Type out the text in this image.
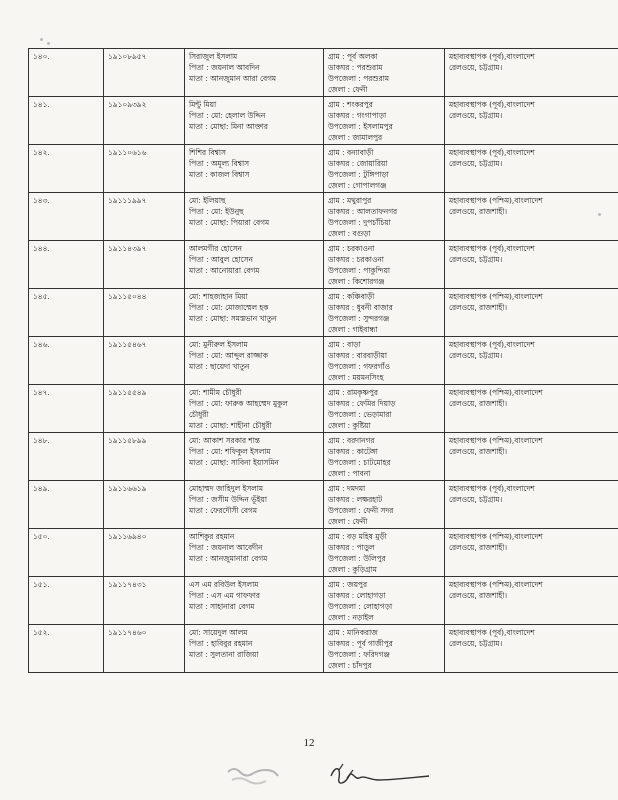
১৪০.	১৯১০৮৯৫৭	সিরাজুল ইসলাম
পিতা : জয়নাল আবদিন
মাতা : আনজুমান আরা বেগম	গ্রাম : পূর্ব অলকা
ডাকঘর : পরশুরাম
উপজেলা : পরশুরাম
জেলা : ফেনী	মহাব্যবস্থাপক (পূর্ব),বাংলাদেশ
রেলওয়ে, চট্টগ্রাম।

১৪১.	১৯১০৯৩৯২	মিন্টু মিয়া
পিতা : মো: হেলাল উদ্দিন
মাতা : মোছা: মিনা আক্তার	গ্রাম : শংকরপুর
ডাকঘর : গংগাপাড়া
উপজেলা : ইসলামপুর
জেলা : জামালপুর	মহাব্যবস্থাপক (পূর্ব),বাংলাদেশ
রেলওয়ে, চট্টগ্রাম।

১৪২.	১৯১১০৬১৬	শিশির বিশ্বাস
পিতা : অমূল্য বিশ্বাস
মাতা : কাজল বিশ্বাস	গ্রাম : বন্যাবাড়ী
ডাকঘর : জোয়ারিয়া
উপজেলা : টুঙ্গিপাড়া
জেলা : গোপালগঞ্জ	মহাব্যবস্থাপক (পূর্ব),বাংলাদেশ
রেলওয়ে, চট্টগ্রাম।

১৪৩.	১৯১১১৯৯৭	মো: ইলিয়াছ
পিতা : মো: ইউনুছ
মাতা : মোছা: পিয়ারা বেগম	গ্রাম : মথুরাপুর
ডাকঘর : আলতাফনগর
উপজেলা : দুপচাঁচিয়া
জেলা : বগুড়া	মহাব্যবস্থাপক (পশ্চিম),বাংলাদেশ
রেলওয়ে, রাজশাহী।

১৪৪.	১৯১১৪৩৯৭	আলমগীর হোসেন
পিতা : আবুল হোসেন
মাতা : আনোয়ারা বেগম	গ্রাম : চরকাওনা
ডাকঘর : চরকাওনা
উপজেলা : পাকুন্দিয়া
জেলা : কিশোরগঞ্জ	মহাব্যবস্থাপক (পূর্ব),বাংলাদেশ
রেলওয়ে, চট্টগ্রাম।

১৪৫.	১৯১১৫০৪৪	মো: শাহজাহান মিয়া
পিতা : মো: মোজাম্মেল হক
মাতা : মোছা: সমস্তভান খাতুন	গ্রাম : কঞ্চিবাড়ী
ডাকঘর : ধুবনী বাজার
উপজেলা : সুন্দরগঞ্জ
জেলা : গাইবান্ধা	মহাব্যবস্থাপক (পশ্চিম),বাংলাদেশ
রেলওয়ে, রাজশাহী।

১৪৬.	১৯১১৫৪৬৭	মো: মুনীরুল ইসলাম
পিতা : মো: আব্দুল রাজ্জাক
মাতা : ছায়েদা খাতুন	গ্রাম : বাড়া
ডাকঘর : বারবাড়ীয়া
উপজেলা : গফরগাঁও
জেলা : ময়মনসিংহ	মহাব্যবস্থাপক (পূর্ব),বাংলাদেশ
রেলওয়ে, চট্টগ্রাম।

১৪৭.	১৯১১৫৫৪৯	মো: শামীম চৌধুরী
পিতা : মো: ফারুক আহম্মেদ মুকুল
চৌধুরী
মাতা : মোছা: শাহীনা চৌধুরী	গ্রাম : রামকৃষ্ণপুর
ডাকঘর : ফেমির দিয়াড়
উপজেলা : ভেড়ামারা
জেলা : কুষ্টিয়া	মহাব্যবস্থাপক (পশ্চিম),বাংলাদেশ
রেলওয়ে, রাজশাহী।

১৪৮.	১৯১১৫৮৯৯	মো: আকাশ সরকার শান্ত
পিতা : মো: শফিকুল ইসলাম
মাতা : মোছা: সাবিনা ইয়াসমিন	গ্রাম : বরদানগর
ডাকঘর : কাটেঙ্গা
উপজেলা : চাটমোহর
জেলা : পাবনা	মহাব্যবস্থাপক (পশ্চিম),বাংলাদেশ
রেলওয়ে, রাজশাহী।

১৪৯.	১৯১১৬৬১৯	মোহাম্মদ জাহিদুল ইসলাম
পিতা : জসীম উদ্দিন ভূঁইয়া
মাতা : ফেরদৌসী বেগম	গ্রাম : দমদমা
ডাকঘর : লক্ষরহাট
উপজেলা : ফেনী সদর
জেলা : ফেনী	মহাব্যবস্থাপক (পূর্ব),বাংলাদেশ
রেলওয়ে, চট্টগ্রাম।

১৫০.	১৯১১৬৯৪০	আশিকুর রহমান
পিতা : জয়নাল আবেদীন
মাতা : আনজুমানারা বেগম	গ্রাম : বড় মহিষ মুড়ী
ডাকঘর : পাড়ুল
উপজেলা : উলিপুর
জেলা : কুড়িগ্রাম	মহাব্যবস্থাপক (পশ্চিম),বাংলাদেশ
রেলওয়ে, রাজশাহী।

১৫১.	১৯১১৭৪৩১	এস এম রবিউল ইসলাম
পিতা : এস এম গাফফার
মাতা : সাহানারা বেগম	গ্রাম : জয়পুর
ডাকঘর : লোহাগড়া
উপজেলা : লোহাগড়া
জেলা : নড়াইল	মহাব্যবস্থাপক (পশ্চিম),বাংলাদেশ
রেলওয়ে, রাজশাহী।

১৫২.	১৯১১৭৪৬০	মো: সায়েদুল আলম
পিতা : হাবিবুর রহমান
মাতা : সুলতানা রাজিয়া	গ্রাম : মানিকরাজ
ডাকঘর : পূর্ব গাজীপুর
উপজেলা : ফরিদগঞ্জ
জেলা : চাঁদপুর	মহাব্যবস্থাপক (পূর্ব),বাংলাদেশ
রেলওয়ে, চট্টগ্রাম।
12
